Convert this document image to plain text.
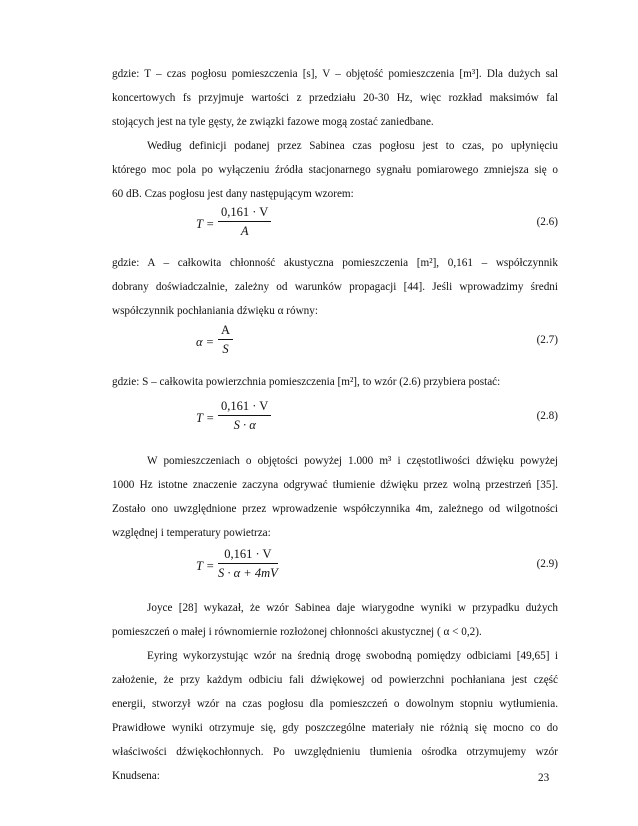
gdzie: T – czas pogłosu pomieszczenia [s], V – objętość pomieszczenia [m³]. Dla dużych sal
koncertowych fs przyjmuje wartości z przedziału 20-30 Hz, więc rozkład maksimów fal
stojących jest na tyle gęsty, że związki fazowe mogą zostać zaniedbane.
Według definicji podanej przez Sabinea czas pogłosu jest to czas, po upłynięciu
którego moc pola po wyłączeniu źródła stacjonarnego sygnału pomiarowego zmniejsza się o
60 dB. Czas pogłosu jest dany następującym wzorem:
T =
0,161 · V
A
(2.6)
gdzie: A – całkowita chłonność akustyczna pomieszczenia [m²], 0,161 – współczynnik
dobrany doświadczalnie, zależny od warunków propagacji [44]. Jeśli wprowadzimy średni
współczynnik pochłaniania dźwięku α równy:
α =
A
S
(2.7)
gdzie: S – całkowita powierzchnia pomieszczenia [m²], to wzór (2.6) przybiera postać:
T =
0,161 · V
S · α
(2.8)
W pomieszczeniach o objętości powyżej 1.000 m³ i częstotliwości dźwięku powyżej
1000 Hz istotne znaczenie zaczyna odgrywać tłumienie dźwięku przez wolną przestrzeń [35].
Zostało ono uwzględnione przez wprowadzenie współczynnika 4m, zależnego od wilgotności
względnej i temperatury powietrza:
T =
0,161 · V
S · α + 4mV
(2.9)
Joyce [28] wykazał, że wzór Sabinea daje wiarygodne wyniki w przypadku dużych
pomieszczeń o małej i równomiernie rozłożonej chłonności akustycznej ( α < 0,2).
Eyring wykorzystując wzór na średnią drogę swobodną pomiędzy odbiciami [49,65] i
założenie, że przy każdym odbiciu fali dźwiękowej od powierzchni pochłaniana jest część
energii, stworzył wzór na czas pogłosu dla pomieszczeń o dowolnym stopniu wytłumienia.
Prawidłowe wyniki otrzymuje się, gdy poszczególne materiały nie różnią się mocno co do
właściwości dźwiękochłonnych. Po uwzględnieniu tłumienia ośrodka otrzymujemy wzór
Knudsena:	23
